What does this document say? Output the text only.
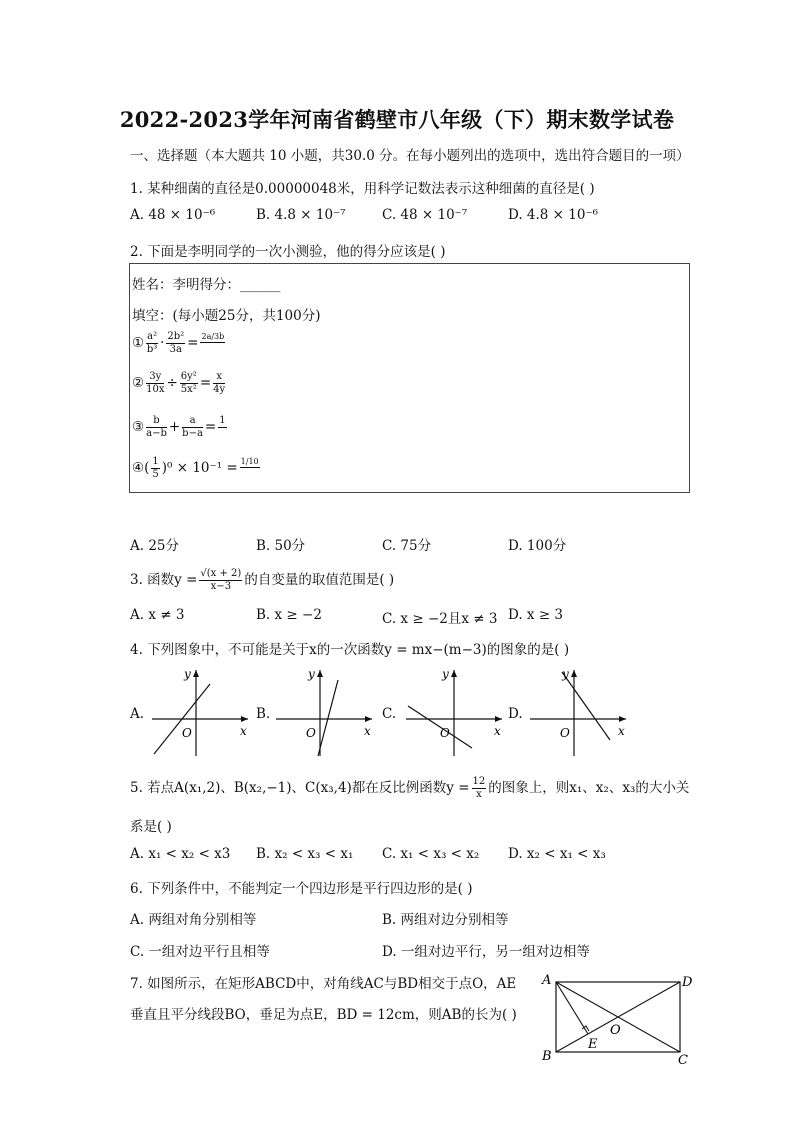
2022-2023学年河南省鹤壁市八年级（下）期末数学试卷
一、选择题（本大题共 10 小题，共30.0 分。在每小题列出的选项中，选出符合题目的一项）
1. 某种细菌的直径是0.00000048米，用科学记数法表示这种细菌的直径是( )
A. 48 × 10⁻⁶	B. 4.8 × 10⁻⁷	C. 48 × 10⁻⁷	D. 4.8 × 10⁻⁶
2. 下面是李明同学的一次小测验，他的得分应该是( )
姓名：李明得分：______
填空：(每小题25分，共100分)
① $\frac{\text{a²}}{\text{b³}} \cdot \frac{\text{2b²}}{3a} = 2a/3b$

② $\frac{3y}{10x} \div \frac{\text{6y²}}{\text{5x²}} = \frac{x}{4y}$
③ $\frac{b}{a-b} + \frac{a}{b-a} = 1$

④( $\frac{1}{5} )^0 \times 10^{-1} = 1/10$

A. 25分	B. 50分	C. 75分	D. 100分
3. 函数$y = \frac{√(x + 2)}{x-3}$ 的自变量的取值范围是( )
A. x ≠ 3	B. x ≥ −2	C. x ≥ −2且x ≠ 3 D. x ≥ 3
4. 下列图象中，不可能是关于x的一次函数y = mx−(m−3)的图象的是( )
A.
O	x
y
B.
O	x
y
C.
O	x
y
D.
O	x
y
5. 若点A(x₁,2)、B(x₂,−1)、C(x₃,4)都在反比例函数$y = \frac{12}{x}$ 的图象上，则x₁、x₂、x₃的大小关
系是( )
A. x₁ < x₂ < x3 B. x₂ < x₃ < x₁ C. x₁ < x₃ < x₂ D. x₂ < x₁ < x₃
6. 下列条件中，不能判定一个四边形是平行四边形的是( )
A. 两组对角分别相等	B. 两组对边分别相等
C. 一组对边平行且相等	D. 一组对边平行，另一组对边相等
7. 如图所示，在矩形ABCD中，对角线AC与BD相交于点O，AE
垂直且平分线段BO，垂足为点E，BD = 12cm，则AB的长为( )
A	D
B	C
O
E
